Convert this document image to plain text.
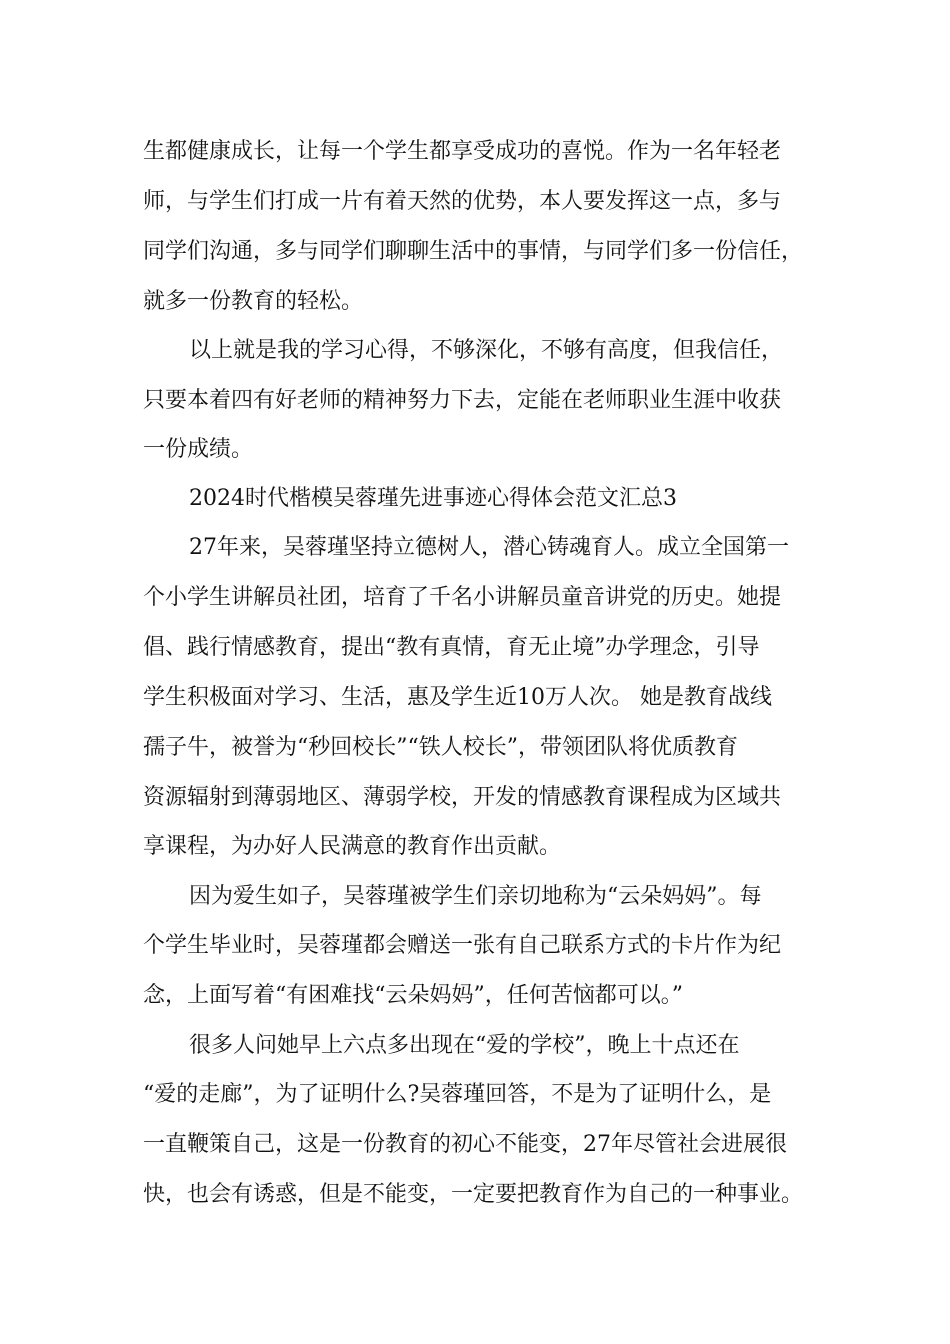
生都健康成长，让每一个学生都享受成功的喜悦。作为一名年轻老
师，与学生们打成一片有着天然的优势，本人要发挥这一点，多与
同学们沟通，多与同学们聊聊生活中的事情，与同学们多一份信任，
就多一份教育的轻松。
以上就是我的学习心得，不够深化，不够有高度，但我信任，
只要本着四有好老师的精神努力下去，定能在老师职业生涯中收获
一份成绩。
2024时代楷模吴蓉瑾先进事迹心得体会范文汇总3
27年来，吴蓉瑾坚持立德树人，潜心铸魂育人。成立全国第一
个小学生讲解员社团，培育了千名小讲解员童音讲党的历史。她提
倡、践行情感教育，提出“教有真情，育无止境”办学理念，引导
学生积极面对学习、生活，惠及学生近10万人次。 她是教育战线
孺子牛，被誉为“秒回校长”“铁人校长”，带领团队将优质教育
资源辐射到薄弱地区、薄弱学校，开发的情感教育课程成为区域共
享课程，为办好人民满意的教育作出贡献。
因为爱生如子，吴蓉瑾被学生们亲切地称为“云朵妈妈”。每
个学生毕业时，吴蓉瑾都会赠送一张有自己联系方式的卡片作为纪
念，上面写着“有困难找“云朵妈妈”，任何苦恼都可以。”
很多人问她早上六点多出现在“爱的学校”，晚上十点还在
“爱的走廊”，为了证明什么?吴蓉瑾回答，不是为了证明什么，是
一直鞭策自己，这是一份教育的初心不能变，27年尽管社会进展很
快，也会有诱惑，但是不能变，一定要把教育作为自己的一种事业。
